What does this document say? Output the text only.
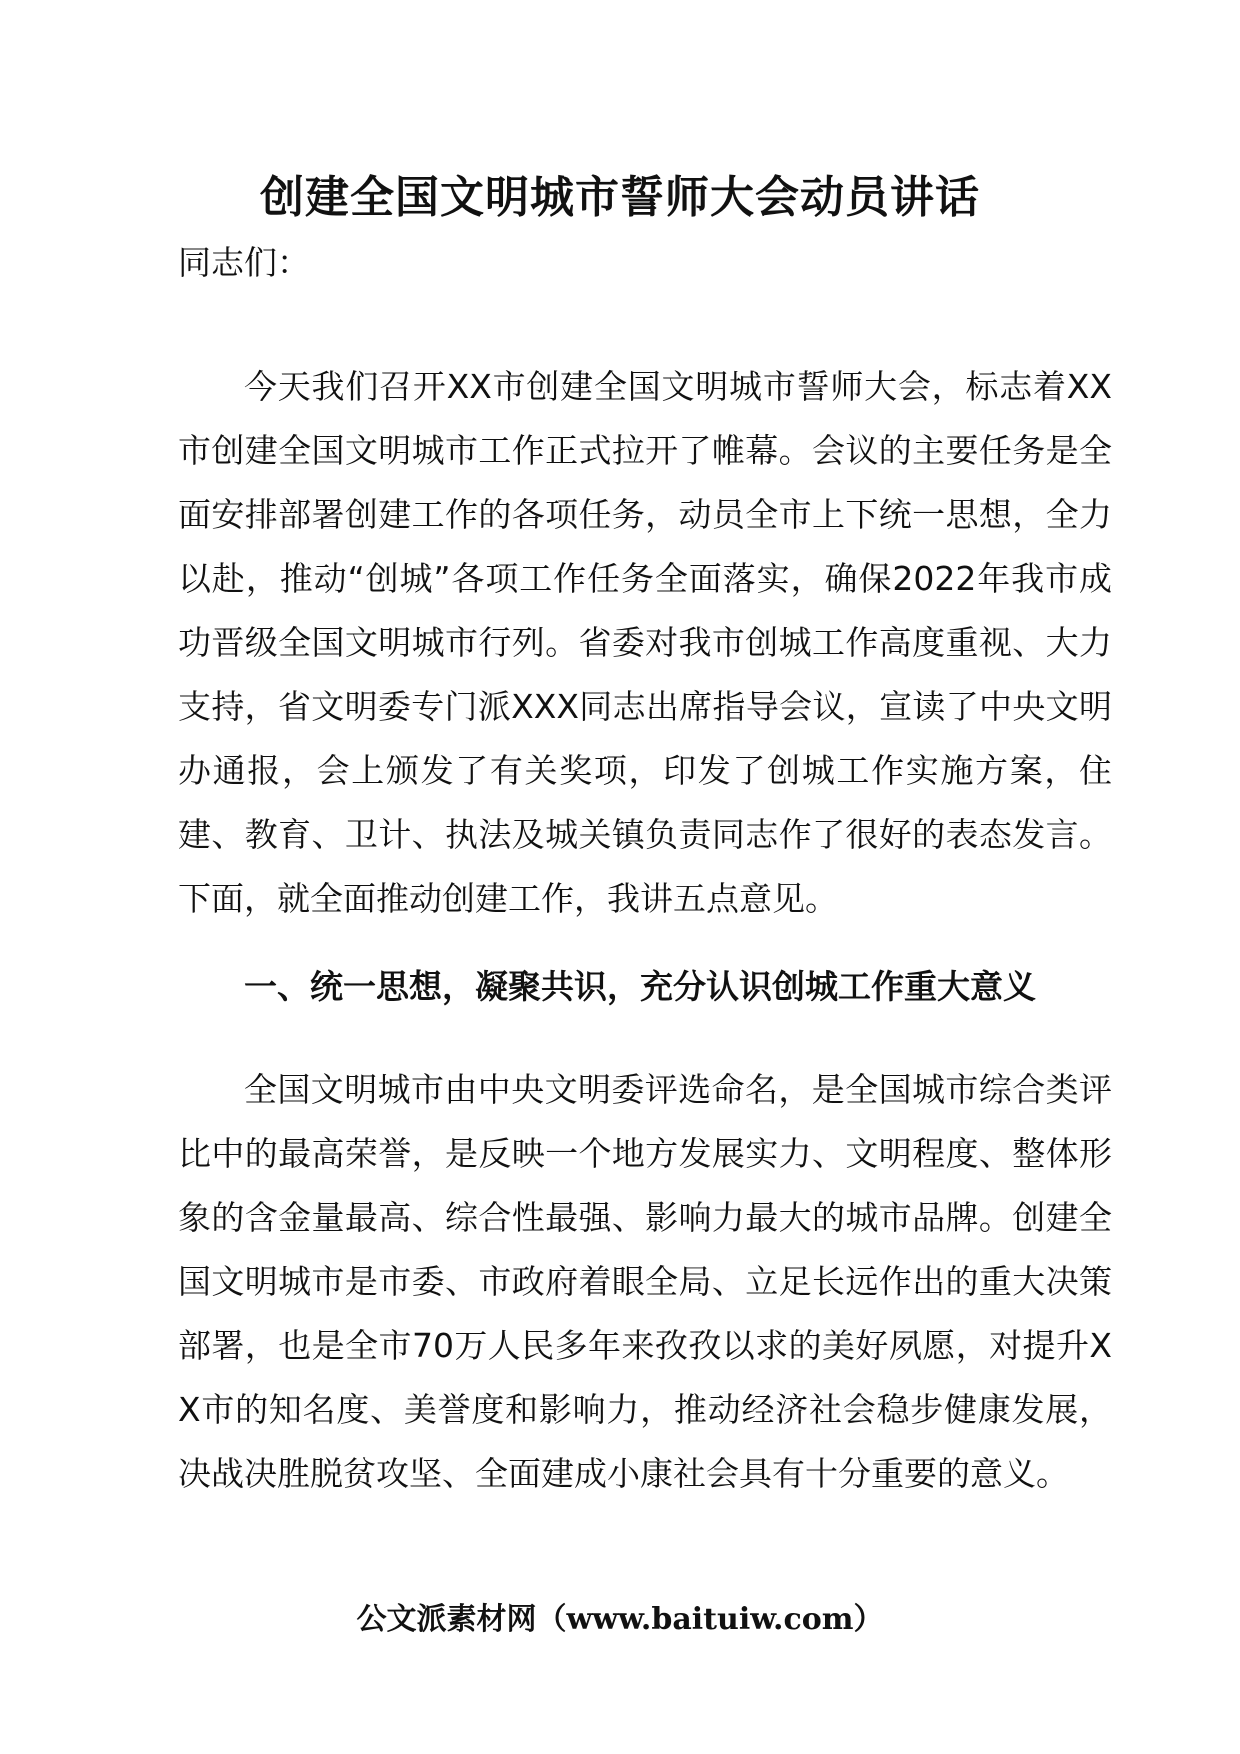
创建全国文明城市誓师大会动员讲话
同志们：

今天我们召开XX市创建全国文明城市誓师大会，标志着XX市创建全国文明城市工作正式拉开了帷幕。会议的主要任务是全面安排部署创建工作的各项任务，动员全市上下统一思想，全力以赴，推动“创城”各项工作任务全面落实，确保2022年我市成功晋级全国文明城市行列。省委对我市创城工作高度重视、大力支持，省文明委专门派XXX同志出席指导会议，宣读了中央文明办通报，会上颁发了有关奖项，印发了创城工作实施方案，住建、教育、卫计、执法及城关镇负责同志作了很好的表态发言。下面，就全面推动创建工作，我讲五点意见。

一、统一思想，凝聚共识，充分认识创城工作重大意义

全国文明城市由中央文明委评选命名，是全国城市综合类评比中的最高荣誉，是反映一个地方发展实力、文明程度、整体形象的含金量最高、综合性最强、影响力最大的城市品牌。创建全国文明城市是市委、市政府着眼全局、立足长远作出的重大决策部署，也是全市70万人民多年来孜孜以求的美好夙愿，对提升XX市的知名度、美誉度和影响力，推动经济社会稳步健康发展，决战决胜脱贫攻坚、全面建成小康社会具有十分重要的意义。

公文派素材网（www.baituiw.com）
